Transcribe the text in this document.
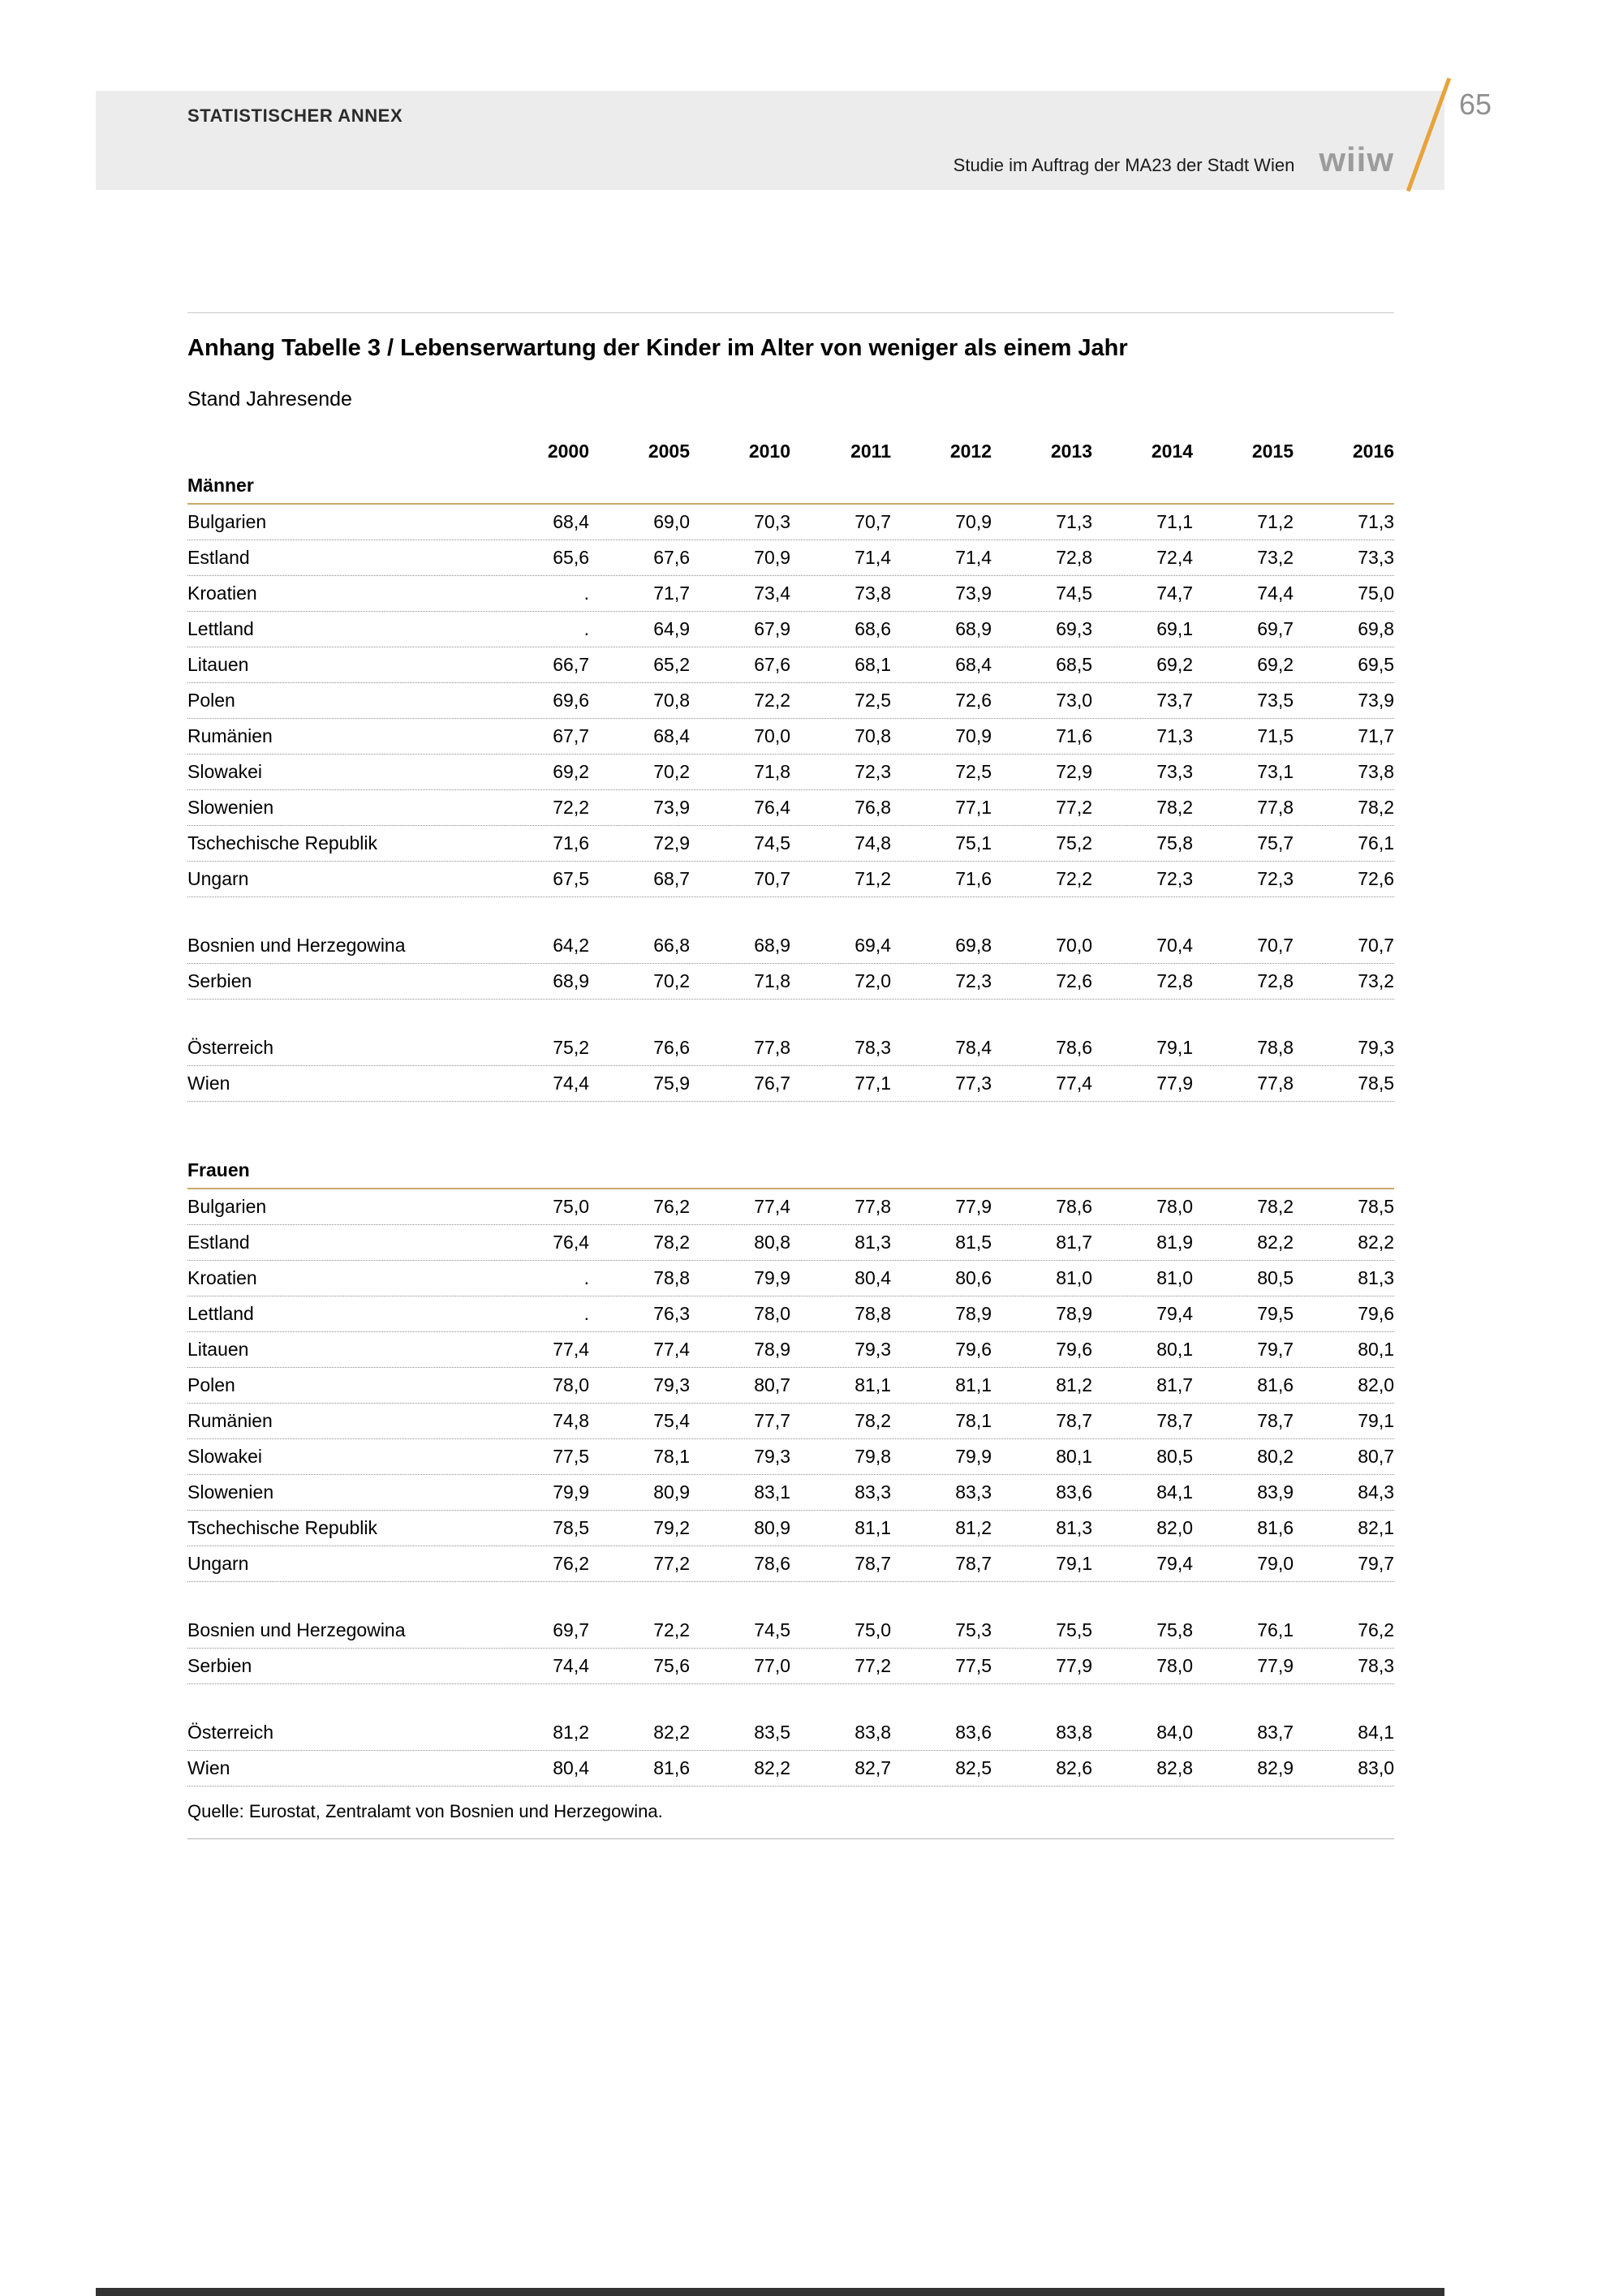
STATISTISCHER ANNEX
Studie im Auftrag der MA23 der Stadt Wien wiiw
65
Anhang Tabelle 3 / Lebenserwartung der Kinder im Alter von weniger als einem Jahr
Stand Jahresende
2000	2005	2010	2011	2012	2013	2014	2015	2016
Männer
Bulgarien	68,4	69,0	70,3	70,7	70,9	71,3	71,1	71,2	71,3
Estland	65,6	67,6	70,9	71,4	71,4	72,8	72,4	73,2	73,3
Kroatien	.	71,7	73,4	73,8	73,9	74,5	74,7	74,4	75,0
Lettland	.	64,9	67,9	68,6	68,9	69,3	69,1	69,7	69,8
Litauen	66,7	65,2	67,6	68,1	68,4	68,5	69,2	69,2	69,5
Polen	69,6	70,8	72,2	72,5	72,6	73,0	73,7	73,5	73,9
Rumänien	67,7	68,4	70,0	70,8	70,9	71,6	71,3	71,5	71,7
Slowakei	69,2	70,2	71,8	72,3	72,5	72,9	73,3	73,1	73,8
Slowenien	72,2	73,9	76,4	76,8	77,1	77,2	78,2	77,8	78,2
Tschechische Republik	71,6	72,9	74,5	74,8	75,1	75,2	75,8	75,7	76,1
Ungarn	67,5	68,7	70,7	71,2	71,6	72,2	72,3	72,3	72,6
Bosnien und Herzegowina	64,2	66,8	68,9	69,4	69,8	70,0	70,4	70,7	70,7
Serbien	68,9	70,2	71,8	72,0	72,3	72,6	72,8	72,8	73,2
Österreich	75,2	76,6	77,8	78,3	78,4	78,6	79,1	78,8	79,3
Wien	74,4	75,9	76,7	77,1	77,3	77,4	77,9	77,8	78,5
Frauen
Bulgarien	75,0	76,2	77,4	77,8	77,9	78,6	78,0	78,2	78,5
Estland	76,4	78,2	80,8	81,3	81,5	81,7	81,9	82,2	82,2
Kroatien	.	78,8	79,9	80,4	80,6	81,0	81,0	80,5	81,3
Lettland	.	76,3	78,0	78,8	78,9	78,9	79,4	79,5	79,6
Litauen	77,4	77,4	78,9	79,3	79,6	79,6	80,1	79,7	80,1
Polen	78,0	79,3	80,7	81,1	81,1	81,2	81,7	81,6	82,0
Rumänien	74,8	75,4	77,7	78,2	78,1	78,7	78,7	78,7	79,1
Slowakei	77,5	78,1	79,3	79,8	79,9	80,1	80,5	80,2	80,7
Slowenien	79,9	80,9	83,1	83,3	83,3	83,6	84,1	83,9	84,3
Tschechische Republik	78,5	79,2	80,9	81,1	81,2	81,3	82,0	81,6	82,1
Ungarn	76,2	77,2	78,6	78,7	78,7	79,1	79,4	79,0	79,7
Bosnien und Herzegowina	69,7	72,2	74,5	75,0	75,3	75,5	75,8	76,1	76,2
Serbien	74,4	75,6	77,0	77,2	77,5	77,9	78,0	77,9	78,3
Österreich	81,2	82,2	83,5	83,8	83,6	83,8	84,0	83,7	84,1
Wien	80,4	81,6	82,2	82,7	82,5	82,6	82,8	82,9	83,0
Quelle: Eurostat, Zentralamt von Bosnien und Herzegowina.
